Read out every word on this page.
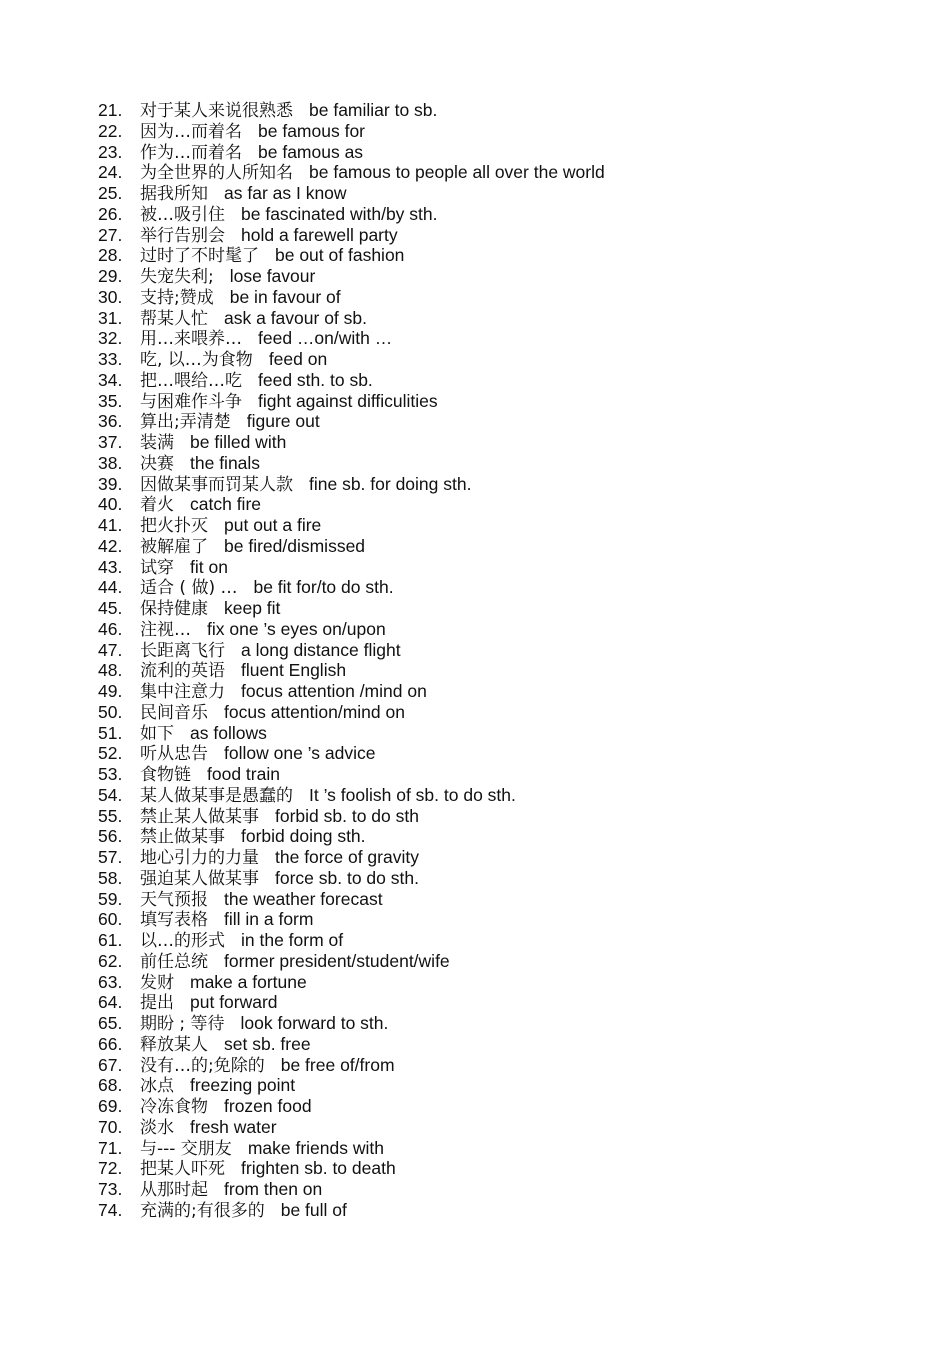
21. 对于某人来说很熟悉 be familiar to sb.
22. 因为…而着名 be famous for
23. 作为…而着名 be famous as
24. 为全世界的人所知名 be famous to people all over the world
25. 据我所知 as far as I know
26. 被…吸引住 be fascinated with/by sth.
27. 举行告别会 hold a farewell party
28. 过时了不时髦了 be out of fashion
29. 失宠失利; lose favour
30. 支持;赞成 be in favour of
31. 帮某人忙 ask a favour of sb.
32. 用…来喂养… feed …on/with …
33. 吃, 以…为食物 feed on
34. 把…喂给…吃 feed sth. to sb.
35. 与困难作斗争 fight against difficulities
36. 算出;弄清楚 figure out
37. 装满 be filled with
38. 决赛 the finals
39. 因做某事而罚某人款 fine sb. for doing sth.
40. 着火 catch fire
41. 把火扑灭 put out a fire
42. 被解雇了 be fired/dismissed
43. 试穿 fit on
44. 适合 ( 做) … be fit for/to do sth.
45. 保持健康 keep fit
46. 注视… fix one ’s eyes on/upon
47. 长距离飞行 a long distance flight
48. 流利的英语 fluent English
49. 集中注意力 focus attention /mind on
50. 民间音乐 focus attention/mind on
51. 如下 as follows
52. 听从忠告 follow one ’s advice
53. 食物链 food train
54. 某人做某事是愚蠢的 It ’s foolish of sb. to do sth.
55. 禁止某人做某事 forbid sb. to do sth
56. 禁止做某事 forbid doing sth.
57. 地心引力的力量 the force of gravity
58. 强迫某人做某事 force sb. to do sth.
59. 天气预报 the weather forecast
60. 填写表格 fill in a form
61. 以…的形式 in the form of
62. 前任总统 former president/student/wife
63. 发财 make a fortune
64. 提出 put forward
65. 期盼 ; 等待 look forward to sth.
66. 释放某人 set sb. free
67. 没有…的;免除的 be free of/from
68. 冰点 freezing point
69. 冷冻食物 frozen food
70. 淡水 fresh water
71. 与--- 交朋友 make friends with
72. 把某人吓死 frighten sb. to death
73. 从那时起 from then on
74. 充满的;有很多的 be full of
